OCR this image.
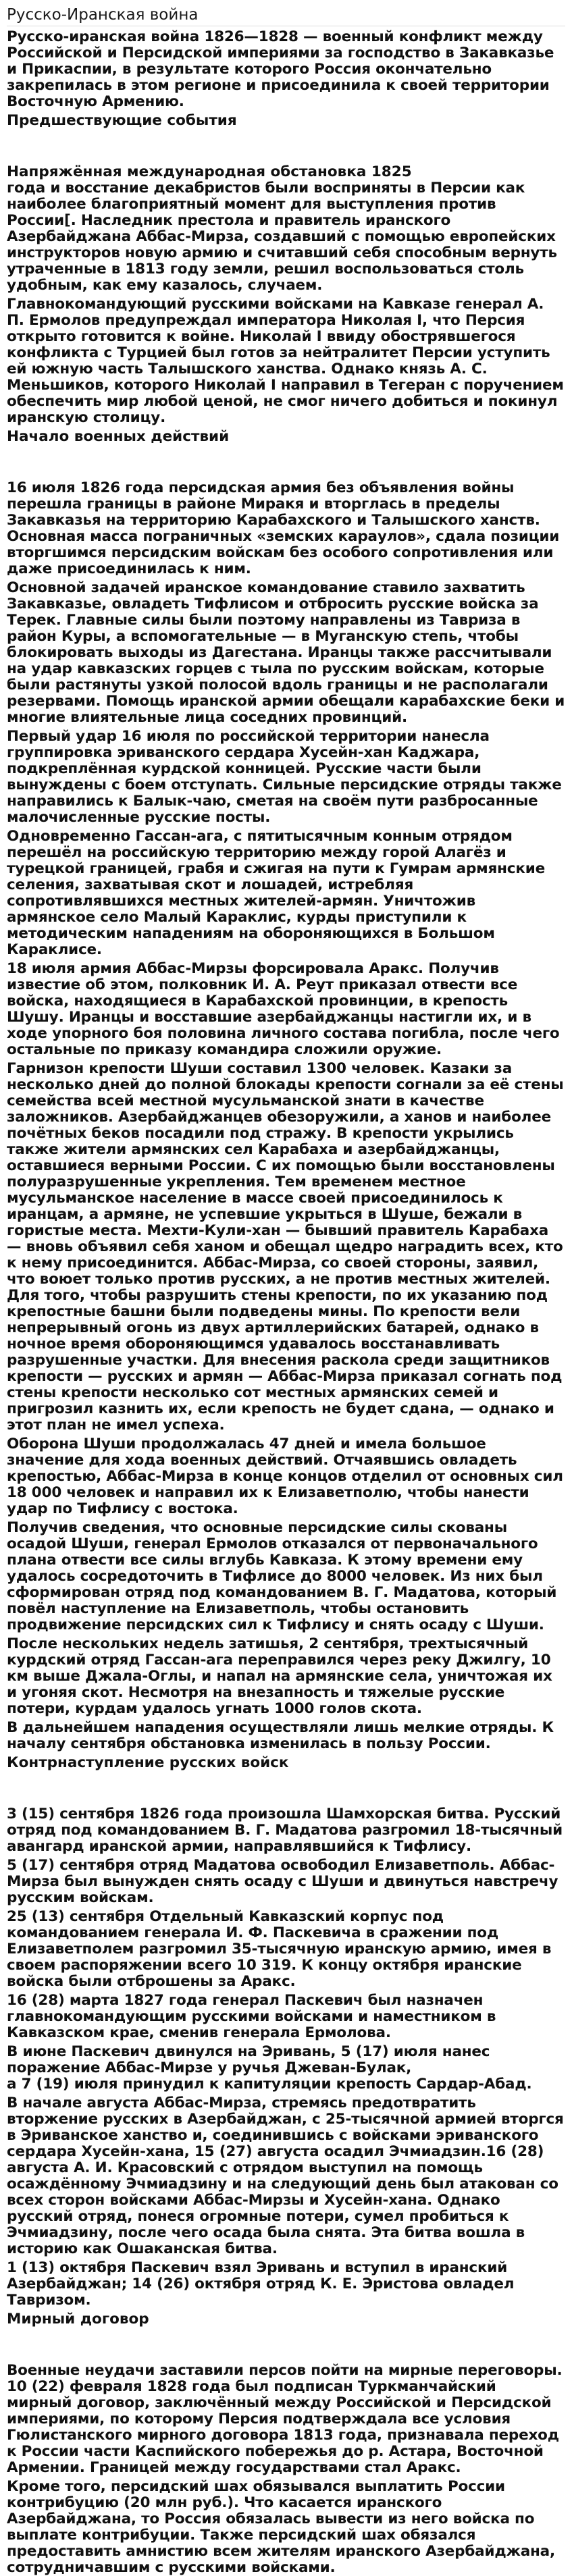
Русско-Иранская война

Русско-иранская война 1826—1828 — военный конфликт между Российской и Персидской империями за господство в Закавказье и Прикаспии, в результате которого Россия окончательно закрепилась в этом регионе и присоединила к своей территории Восточную Армению.

Предшествующие события
Напряжённая международная обстановка 1825

года и восстание декабристов были восприняты в Персии как наиболее благоприятный момент для выступления против России[. Наследник престола и правитель иранского Азербайджана Аббас-Мирза, создавший с помощью европейских инструкторов новую армию и считавший себя способным вернуть утраченные в 1813 году земли, решил воспользоваться столь удобным, как ему казалось, случаем.

Главнокомандующий русскими войсками на Кавказе генерал А. П. Ермолов предупреждал императора Николая I, что Персия открыто готовится к войне. Николай I ввиду обострявшегося конфликта с Турцией был готов за нейтралитет Персии уступить ей южную часть Талышского ханства. Однако князь А. С. Меньшиков, которого Николай I направил в Тегеран с поручением обеспечить мир любой ценой, не смог ничего добиться и покинул иранскую столицу.

Начало военных действий

16 июля 1826 года персидская армия без объявления войны перешла границы в районе Миракя и вторглась в пределы Закавказья на территорию Карабахского и Талышского ханств. Основная масса пограничных «земских караулов», сдала позиции вторгшимся персидским войскам без особого сопротивления или даже присоединилась к ним.

Основной задачей иранское командование ставило захватить Закавказье, овладеть Тифлисом и отбросить русские войска за Терек. Главные силы были поэтому направлены из Тавриза в район Куры, а вспомогательные — в Муганскую степь, чтобы блокировать выходы из Дагестана. Иранцы также рассчитывали на удар кавказских горцев с тыла по русским войскам, которые были растянуты узкой полосой вдоль границы и не располагали резервами. Помощь иранской армии обещали карабахские беки и многие влиятельные лица соседних провинций.

Первый удар 16 июля по российской территории нанесла группировка эриванского сердара Хусейн-хан Каджара, подкреплённая курдской конницей. Русские части были вынуждены с боем отступать. Сильные персидские отряды также направились к Балык-чаю, сметая на своём пути разбросанные малочисленные русские посты.

Одновременно Гассан-ага, с пятитысячным конным отрядом перешёл на российскую территорию между горой Алагёз и турецкой границей, грабя и сжигая на пути к Гумрам армянские селения, захватывая скот и лошадей, истребляя сопротивлявшихся местных жителей-армян. Уничтожив армянское село Малый Караклис, курды приступили к методическим нападениям на обороняющихся в Большом Караклисе.

18 июля армия Аббас-Мирзы форсировала Аракс. Получив известие об этом, полковник И. А. Реут приказал отвести все войска, находящиеся в Карабахской провинции, в крепость Шушу. Иранцы и восставшие азербайджанцы настигли их, и в ходе упорного боя половина личного состава погибла, после чего остальные по приказу командира сложили оружие.

Гарнизон крепости Шуши составил 1300 человек. Казаки за несколько дней до полной блокады крепости согнали за её стены семейства всей местной мусульманской знати в качестве заложников. Азербайджанцев обезоружили, а ханов и наиболее почётных беков посадили под стражу. В крепости укрылись также жители армянских сел Карабаха и азербайджанцы, оставшиеся верными России. С их помощью были восстановлены полуразрушенные укрепления. Тем временем местное мусульманское население в массе своей присоединилось к иранцам, а армяне, не успевшие укрыться в Шуше, бежали в гористые места. Мехти-Кули-хан — бывший правитель Карабаха — вновь объявил себя ханом и обещал щедро наградить всех, кто к нему присоединится. Аббас-Мирза, со своей стороны, заявил, что воюет только против русских, а не против местных жителей. Для того, чтобы разрушить стены крепости, по их указанию под крепостные башни были подведены мины. По крепости вели непрерывный огонь из двух артиллерийских батарей, однако в ночное время обороняющимся удавалось восстанавливать разрушенные участки. Для внесения раскола среди защитников крепости — русских и армян — Аббас-Мирза приказал согнать под стены крепости несколько сот местных армянских семей и пригрозил казнить их, если крепость не будет сдана, — однако и этот план не имел успеха.

Оборона Шуши продолжалась 47 дней и имела большое значение для хода военных действий. Отчаявшись овладеть крепостью, Аббас-Мирза в конце концов отделил от основных сил 18 000 человек и направил их к Елизаветполю, чтобы нанести удар по Тифлису с востока.

Получив сведения, что основные персидские силы скованы осадой Шуши, генерал Ермолов отказался от первоначального плана отвести все силы вглубь Кавказа. К этому времени ему удалось сосредоточить в Тифлисе до 8000 человек. Из них был сформирован отряд под командованием В. Г. Мадатова, который повёл наступление на Елизаветполь, чтобы остановить продвижение персидских сил к Тифлису и снять осаду с Шуши.

После нескольких недель затишья, 2 сентября, трехтысячный курдский отряд Гассан-ага переправился через реку Джилгу, 10 км выше Джала-Оглы, и напал на армянские села, уничтожая их и угоняя скот. Несмотря на внезапность и тяжелые русские потери, курдам удалось угнать 1000 голов скота.

В дальнейшем нападения осуществляли лишь мелкие отряды. К началу сентября обстановка изменилась в пользу России.

Контрнаступление русских войск

3 (15) сентября 1826 года произошла Шамхорская битва. Русский отряд под командованием В. Г. Мадатова разгромил 18-тысячный авангард иранской армии, направлявшийся к Тифлису.

5 (17) сентября отряд Мадатова освободил Елизаветполь. Аббас-Мирза был вынужден снять осаду с Шуши и двинуться навстречу русским войскам.

25 (13) сентября Отдельный Кавказский корпус под командованием генерала И. Ф. Паскевича в сражении под Елизаветполем разгромил 35-тысячную иранскую армию, имея в своем распоряжении всего 10 319. К концу октября иранские войска были отброшены за Аракс.

16 (28) марта 1827 года генерал Паскевич был назначен главнокомандующим русскими войсками и наместником в Кавказском крае, сменив генерала Ермолова.

В июне Паскевич двинулся на Эривань, 5 (17) июля нанес поражение Аббас-Мирзе у ручья Джеван-Булак,
а 7 (19) июля принудил к капитуляции крепость Сардар-Абад.

В начале августа Аббас-Мирза, стремясь предотвратить вторжение русских в Азербайджан, с 25-тысячной армией вторгся в Эриванское ханство и, соединившись с войсками эриванского сердара Хусейн-хана, 15 (27) августа осадил Эчмиадзин.16 (28) августа А. И. Красовский с отрядом выступил на помощь осаждённому Эчмиадзину и на следующий день был атакован со всех сторон войсками Аббас-Мирзы и Хусейн-хана. Однако русский отряд, понеся огромные потери, сумел пробиться к Эчмиадзину, после чего осада была снята. Эта битва вошла в историю как Ошаканская битва.

1 (13) октября Паскевич взял Эривань и вступил в иранский Азербайджан; 14 (26) октября отряд К. Е. Эристова овладел Тавризом.

Мирный договор

Военные неудачи заставили персов пойти на мирные переговоры. 10 (22) февраля 1828 года был подписан Туркманчайский мирный договор, заключённый между Российской и Персидской империями, по которому Персия подтверждала все условия Гюлистанского мирного договора 1813 года, признавала переход к России части Каспийского побережья до р. Астара, Восточной Армении. Границей между государствами стал Аракс.

Кроме того, персидский шах обязывался выплатить России контрибуцию (20 млн руб.). Что касается иранского Азербайджана, то Россия обязалась вывести из него войска по выплате контрибуции. Также персидский шах обязался предоставить амнистию всем жителям иранского Азербайджана, сотрудничавшим с русскими войсками.
